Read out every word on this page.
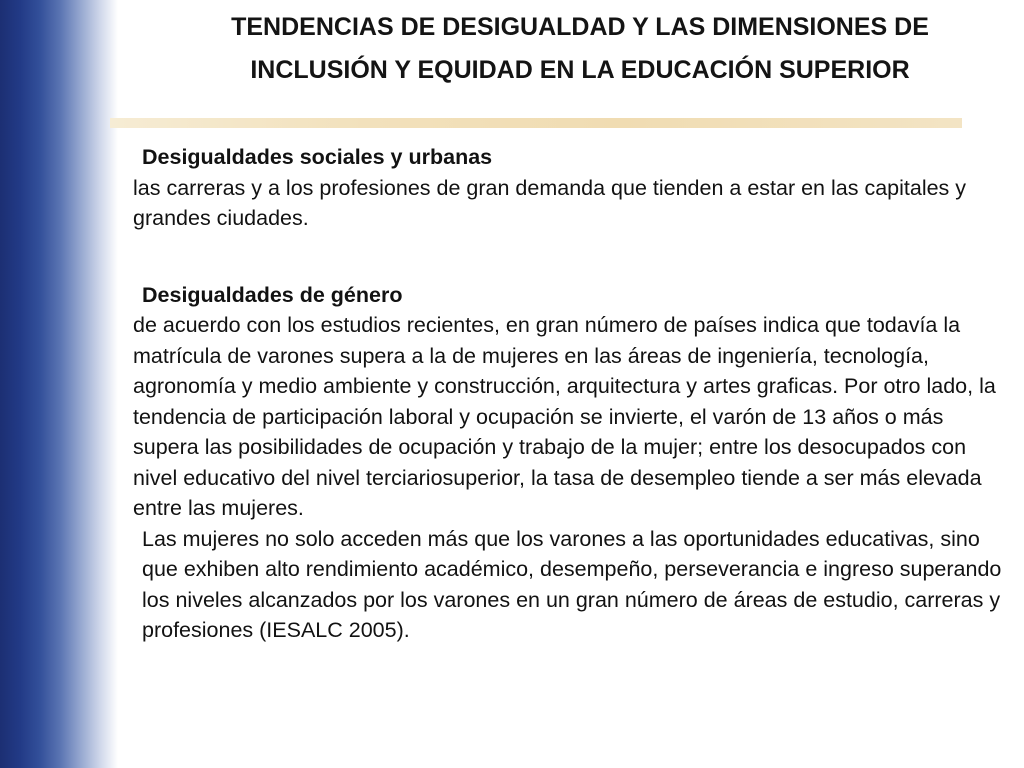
TENDENCIAS DE DESIGUALDAD Y LAS DIMENSIONES DE
INCLUSIÓN Y EQUIDAD EN LA EDUCACIÓN SUPERIOR

Desigualdades sociales y urbanas

las carreras y a los profesiones de gran demanda que tienden a estar en las capitales y grandes ciudades.

Desigualdades de género

de acuerdo con los estudios recientes, en gran número de países indica que todavía la matrícula de varones supera a la de mujeres en las áreas de ingeniería, tecnología, agronomía y medio ambiente y construcción, arquitectura y artes graficas. Por otro lado, la tendencia de participación laboral y ocupación se invierte, el varón de 13 años o más supera las posibilidades de ocupación y trabajo de la mujer; entre los desocupados con nivel educativo del nivel terciariosuperior, la tasa de desempleo tiende a ser más elevada entre las mujeres.

Las mujeres no solo acceden más que los varones a las oportunidades educativas, sino que exhiben alto rendimiento académico, desempeño, perseverancia e ingreso superando los niveles alcanzados por los varones en un gran número de áreas de estudio, carreras y profesiones (IESALC 2005).
